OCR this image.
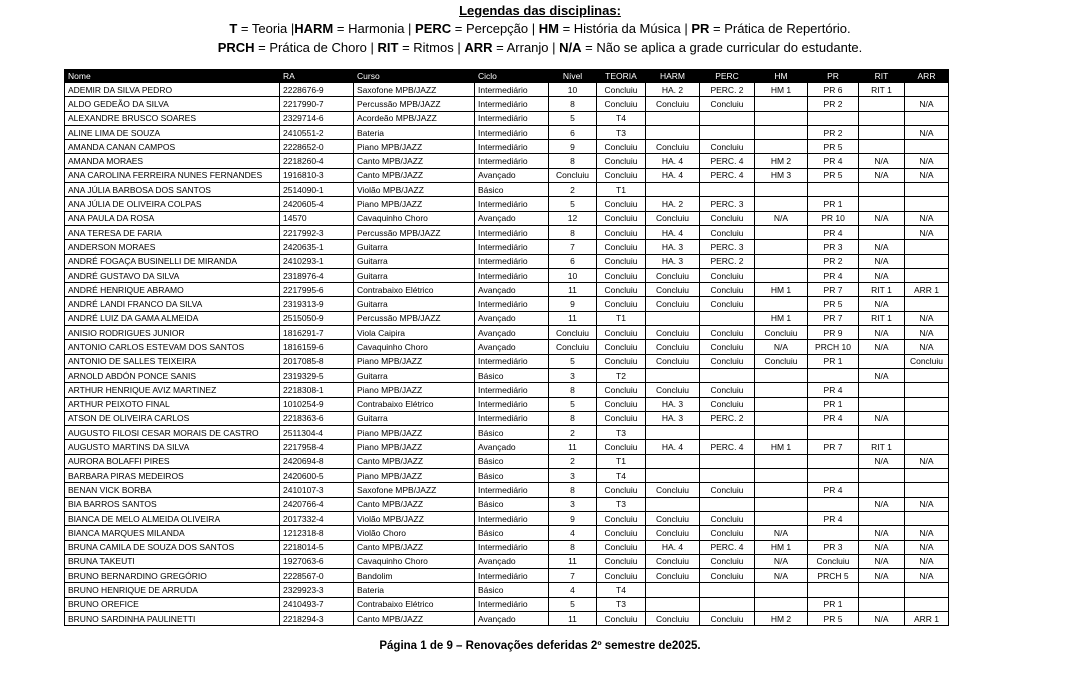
Legendas das disciplinas:
T = Teoria |HARM = Harmonia | PERC = Percepção | HM = História da Música | PR = Prática de Repertório.
PRCH = Prática de Choro | RIT = Ritmos | ARR = Arranjo | N/A = Não se aplica a grade curricular do estudante.
Nome	RA	Curso	Ciclo	Nível	TEORIA	HARM	PERC	HM	PR	RIT	ARR
ADEMIR DA SILVA PEDRO	2228676-9	Saxofone MPB/JAZZ	Intermediário	10	Concluiu	HA. 2	PERC. 2	HM 1	PR 6	RIT 1	
ALDO GEDEÃO DA SILVA	2217990-7	Percussão MPB/JAZZ	Intermediário	8	Concluiu	Concluiu	Concluiu		PR 2		N/A
ALEXANDRE BRUSCO SOARES	2329714-6	Acordeão MPB/JAZZ	Intermediário	5	T4						
ALINE LIMA DE SOUZA	2410551-2	Bateria	Intermediário	6	T3				PR 2		N/A
AMANDA CANAN CAMPOS	2228652-0	Piano MPB/JAZZ	Intermediário	9	Concluiu	Concluiu	Concluiu		PR 5		
AMANDA MORAES	2218260-4	Canto MPB/JAZZ	Intermediário	8	Concluiu	HA. 4	PERC. 4	HM 2	PR 4	N/A	N/A
ANA CAROLINA FERREIRA NUNES FERNANDES	1916810-3	Canto MPB/JAZZ	Avançado	Concluiu	Concluiu	HA. 4	PERC. 4	HM 3	PR 5	N/A	N/A
ANA JÚLIA BARBOSA DOS SANTOS	2514090-1	Violão MPB/JAZZ	Básico	2	T1						
ANA JÚLIA DE OLIVEIRA COLPAS	2420605-4	Piano MPB/JAZZ	Intermediário	5	Concluiu	HA. 2	PERC. 3		PR 1		
ANA PAULA DA ROSA	14570	Cavaquinho Choro	Avançado	12	Concluiu	Concluiu	Concluiu	N/A	PR 10	N/A	N/A
ANA TERESA DE FARIA	2217992-3	Percussão MPB/JAZZ	Intermediário	8	Concluiu	HA. 4	Concluiu		PR 4		N/A
ANDERSON MORAES	2420635-1	Guitarra	Intermediário	7	Concluiu	HA. 3	PERC. 3		PR 3	N/A	
ANDRÉ FOGAÇA BUSINELLI DE MIRANDA	2410293-1	Guitarra	Intermediário	6	Concluiu	HA. 3	PERC. 2		PR 2	N/A	
ANDRÉ GUSTAVO DA SILVA	2318976-4	Guitarra	Intermediário	10	Concluiu	Concluiu	Concluiu		PR 4	N/A	
ANDRÉ HENRIQUE ABRAMO	2217995-6	Contrabaixo Elétrico	Avançado	11	Concluiu	Concluiu	Concluiu	HM 1	PR 7	RIT 1	ARR 1
ANDRÉ LANDI FRANCO DA SILVA	2319313-9	Guitarra	Intermediário	9	Concluiu	Concluiu	Concluiu		PR 5	N/A	
ANDRÉ LUIZ DA GAMA ALMEIDA	2515050-9	Percussão MPB/JAZZ	Avançado	11	T1			HM 1	PR 7	RIT 1	N/A
ANISIO RODRIGUES JUNIOR	1816291-7	Viola Caipira	Avançado	Concluiu	Concluiu	Concluiu	Concluiu	Concluiu	PR 9	N/A	N/A
ANTONIO CARLOS ESTEVAM DOS SANTOS	1816159-6	Cavaquinho Choro	Avançado	Concluiu	Concluiu	Concluiu	Concluiu	N/A	PRCH 10	N/A	N/A
ANTONIO DE SALLES TEIXEIRA	2017085-8	Piano MPB/JAZZ	Intermediário	5	Concluiu	Concluiu	Concluiu	Concluiu	PR 1		Concluiu
ARNOLD ABDÓN PONCE SANIS	2319329-5	Guitarra	Básico	3	T2					N/A	
ARTHUR HENRIQUE AVIZ MARTINEZ	2218308-1	Piano MPB/JAZZ	Intermediário	8	Concluiu	Concluiu	Concluiu		PR 4		
ARTHUR PEIXOTO FINAL	1010254-9	Contrabaixo Elétrico	Intermediário	5	Concluiu	HA. 3	Concluiu		PR 1		
ATSON DE OLIVEIRA CARLOS	2218363-6	Guitarra	Intermediário	8	Concluiu	HA. 3	PERC. 2		PR 4	N/A	
AUGUSTO FILOSI CESAR MORAIS DE CASTRO	2511304-4	Piano MPB/JAZZ	Básico	2	T3						
AUGUSTO MARTINS DA SILVA	2217958-4	Piano MPB/JAZZ	Avançado	11	Concluiu	HA. 4	PERC. 4	HM 1	PR 7	RIT 1	
AURORA BOLAFFI PIRES	2420694-8	Canto MPB/JAZZ	Básico	2	T1					N/A	N/A
BARBARA PIRAS MEDEIROS	2420600-5	Piano MPB/JAZZ	Básico	3	T4						
BENAN VICK BORBA	2410107-3	Saxofone MPB/JAZZ	Intermediário	8	Concluiu	Concluiu	Concluiu		PR 4		
BIA BARROS SANTOS	2420766-4	Canto MPB/JAZZ	Básico	3	T3					N/A	N/A
BIANCA DE MELO ALMEIDA OLIVEIRA	2017332-4	Violão MPB/JAZZ	Intermediário	9	Concluiu	Concluiu	Concluiu		PR 4		
BIANCA MARQUES MILANDA	1212318-8	Violão Choro	Básico	4	Concluiu	Concluiu	Concluiu	N/A		N/A	N/A
BRUNA CAMILA DE SOUZA DOS SANTOS	2218014-5	Canto MPB/JAZZ	Intermediário	8	Concluiu	HA. 4	PERC. 4	HM 1	PR 3	N/A	N/A
BRUNA TAKEUTI	1927063-6	Cavaquinho Choro	Avançado	11	Concluiu	Concluiu	Concluiu	N/A	Concluiu	N/A	N/A
BRUNO BERNARDINO GREGÓRIO	2228567-0	Bandolim	Intermediário	7	Concluiu	Concluiu	Concluiu	N/A	PRCH 5	N/A	N/A
BRUNO HENRIQUE DE ARRUDA	2329923-3	Bateria	Básico	4	T4						
BRUNO OREFICE	2410493-7	Contrabaixo Elétrico	Intermediário	5	T3				PR 1		
BRUNO SARDINHA PAULINETTI	2218294-3	Canto MPB/JAZZ	Avançado	11	Concluiu	Concluiu	Concluiu	HM 2	PR 5	N/A	ARR 1
Página 1 de 9 – Renovações deferidas 2º semestre de2025.
